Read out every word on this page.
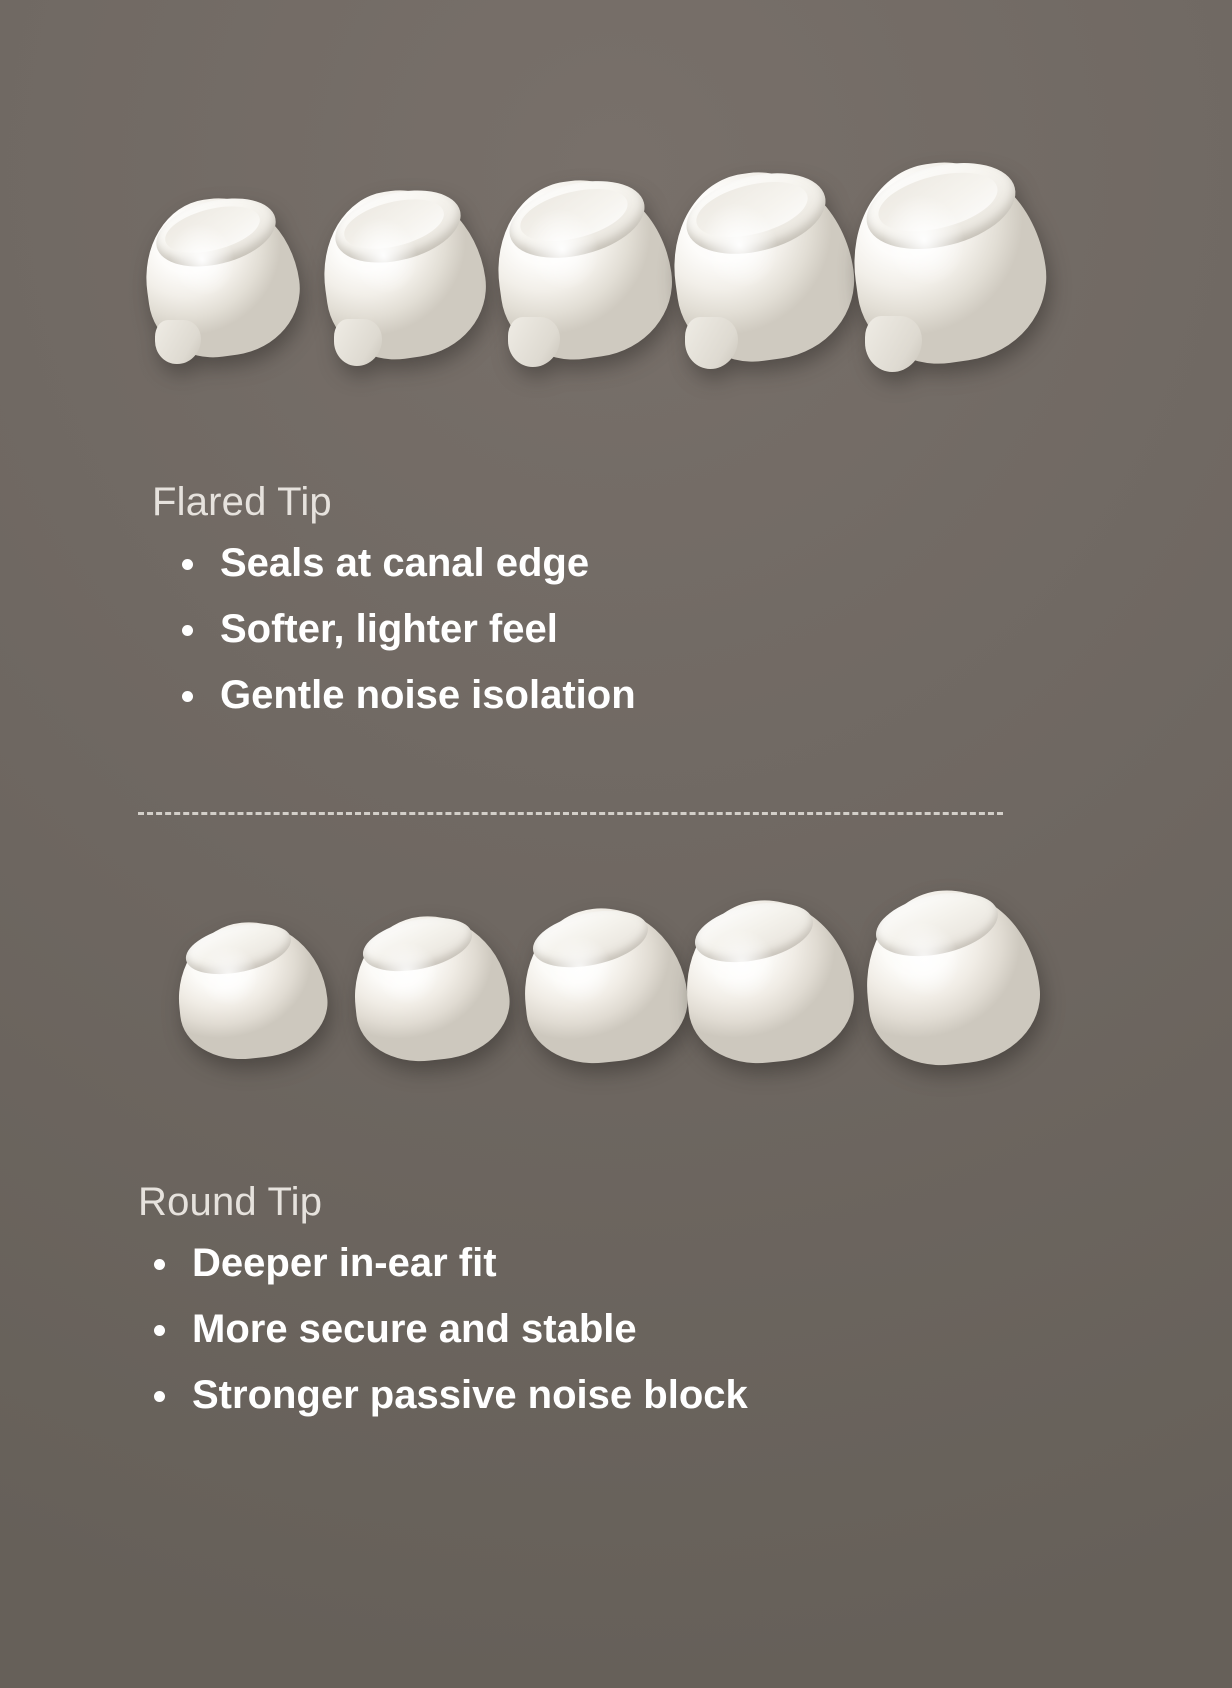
Flared Tip
Seals at canal edge
Softer, lighter feel
Gentle noise isolation
Round Tip
Deeper in-ear fit
More secure and stable
Stronger passive noise block
